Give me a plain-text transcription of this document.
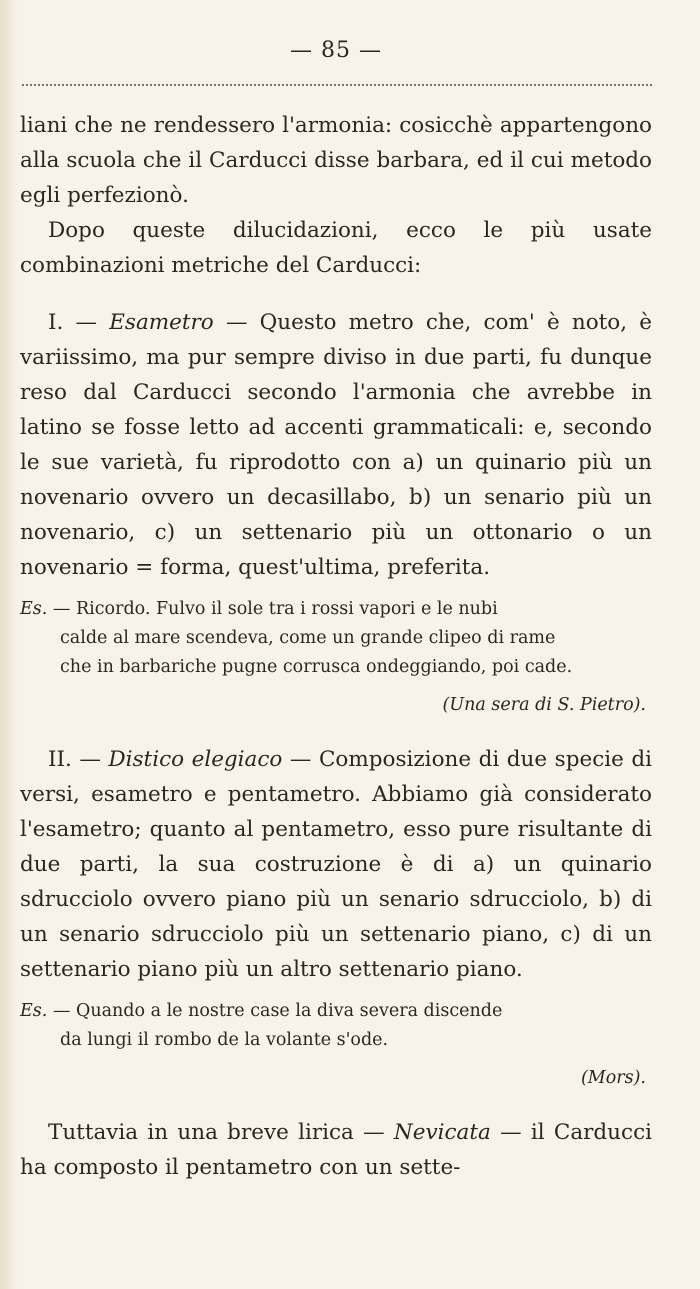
— 85 —

liani che ne rendessero l'armonia: cosicchè appartengono alla scuola che il Carducci disse barbara, ed il cui metodo egli perfezionò.

Dopo queste dilucidazioni, ecco le più usate combinazioni metriche del Carducci:

I. — Esametro — Questo metro che, com' è noto, è variissimo, ma pur sempre diviso in due parti, fu dunque reso dal Carducci secondo l'armonia che avrebbe in latino se fosse letto ad accenti grammaticali: e, secondo le sue varietà, fu riprodotto con a) un quinario più un novenario ovvero un decasillabo, b) un senario più un novenario, c) un settenario più un ottonario o un novenario = forma, quest'ultima, preferita.

Es. — Ricordo. Fulvo il sole tra i rossi vapori e le nubi
calde al mare scendeva, come un grande clipeo di rame
che in barbariche pugne corrusca ondeggiando, poi cade.
(Una sera di S. Pietro).

II. — Distico elegiaco — Composizione di due specie di versi, esametro e pentametro. Abbiamo già considerato l'esametro; quanto al pentametro, esso pure risultante di due parti, la sua costruzione è di a) un quinario sdrucciolo ovvero piano più un senario sdrucciolo, b) di un senario sdrucciolo più un settenario piano, c) di un settenario piano più un altro settenario piano.

Es. — Quando a le nostre case la diva severa discende
da lungi il rombo de la volante s'ode.
(Mors).

Tuttavia in una breve lirica — Nevicata — il Carducci ha composto il pentametro con un sette-
